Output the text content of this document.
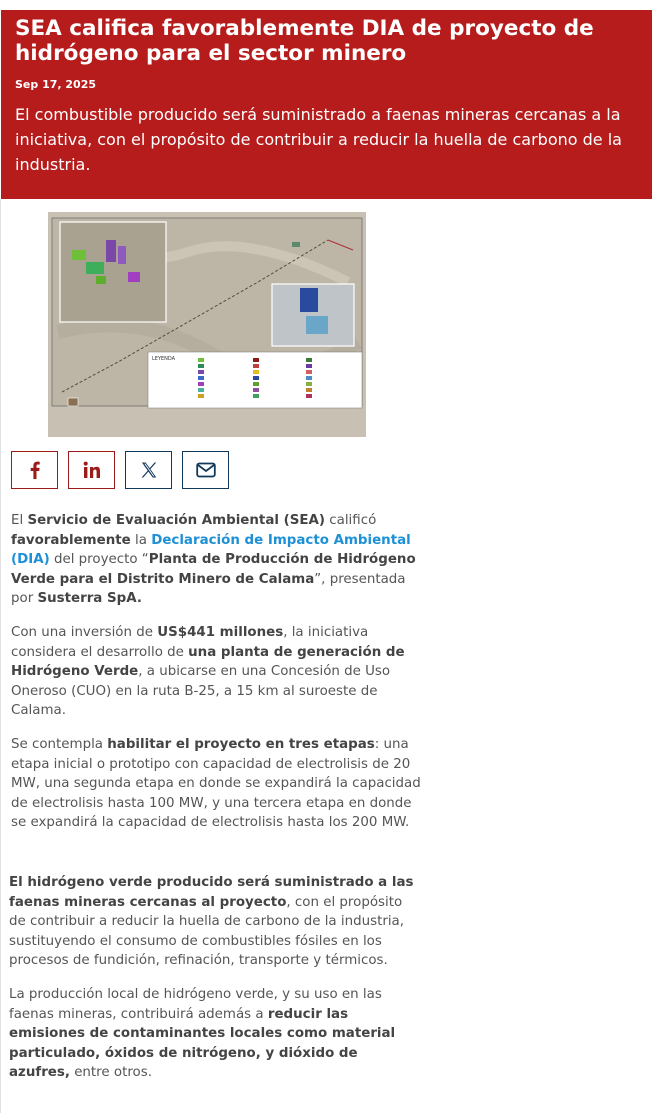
SEA califica favorablemente DIA de proyecto de hidrógeno para el sector minero
Sep 17, 2025
El combustible producido será suministrado a faenas mineras cercanas a la iniciativa, con el propósito de contribuir a reducir la huella de carbono de la industria.
LEYENDA

El Servicio de Evaluación Ambiental (SEA) calificó favorablemente la Declaración de Impacto Ambiental (DIA) del proyecto “Planta de Producción de Hidrógeno Verde para el Distrito Minero de Calama”, presentada por Susterra SpA.

Con una inversión de US$441 millones, la iniciativa considera el desarrollo de una planta de generación de Hidrógeno Verde, a ubicarse en una Concesión de Uso Oneroso (CUO) en la ruta B-25, a 15 km al suroeste de Calama.

Se contempla habilitar el proyecto en tres etapas: una etapa inicial o prototipo con capacidad de electrolisis de 20 MW, una segunda etapa en donde se expandirá la capacidad de electrolisis hasta 100 MW, y una tercera etapa en donde se expandirá la capacidad de electrolisis hasta los 200 MW.

El hidrógeno verde producido será suministrado a las faenas mineras cercanas al proyecto, con el propósito de contribuir a reducir la huella de carbono de la industria, sustituyendo el consumo de combustibles fósiles en los procesos de fundición, refinación, transporte y térmicos.

La producción local de hidrógeno verde, y su uso en las faenas mineras, contribuirá además a reducir las emisiones de contaminantes locales como material particulado, óxidos de nitrógeno, y dióxido de azufres, entre otros.
